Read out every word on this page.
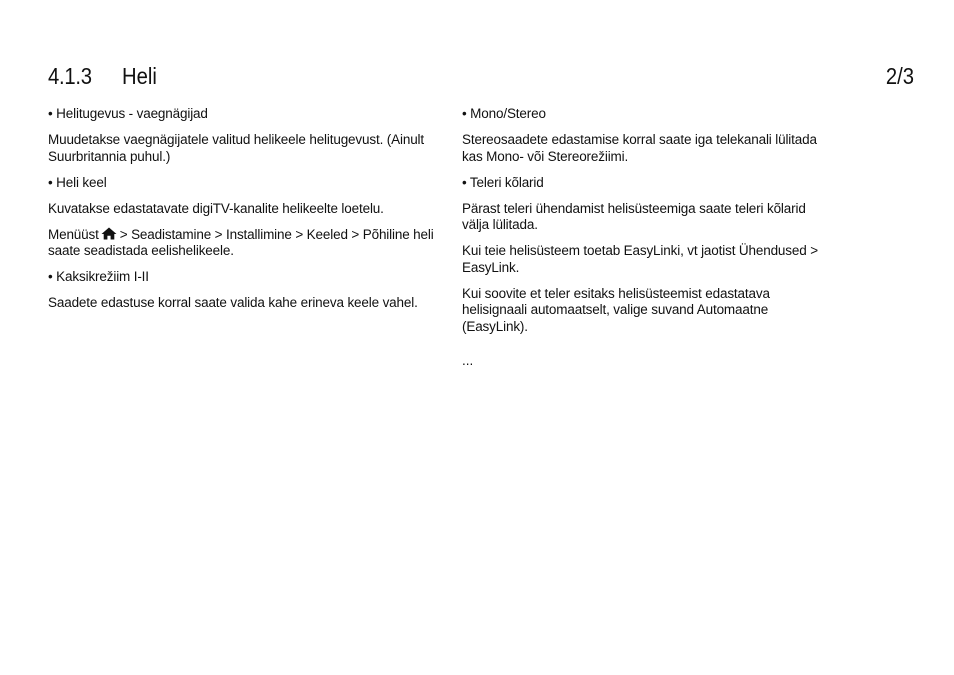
4.1.3 Heli	2/3

• Helitugevus - vaegnägijad

Muudetakse vaegnägijatele valitud helikeele helitugevust. (Ainult Suurbritannia puhul.)

• Heli keel

Kuvatakse edastatavate digiTV-kanalite helikeelte loetelu.

Menüüst > Seadistamine > Installimine > Keeled > Põhiline heli saate seadistada eelishelikeele.

• Kaksikrežiim I-II

Saadete edastuse korral saate valida kahe erineva keele vahel.

• Mono/Stereo

Stereosaadete edastamise korral saate iga telekanali lülitada kas Mono- või Stereorežiimi.

• Teleri kõlarid

Pärast teleri ühendamist helisüsteemiga saate teleri kõlarid välja lülitada.

Kui teie helisüsteem toetab EasyLinki, vt jaotist Ühendused > EasyLink.

Kui soovite et teler esitaks helisüsteemist edastatava helisignaali automaatselt, valige suvand Automaatne (EasyLink).

...
